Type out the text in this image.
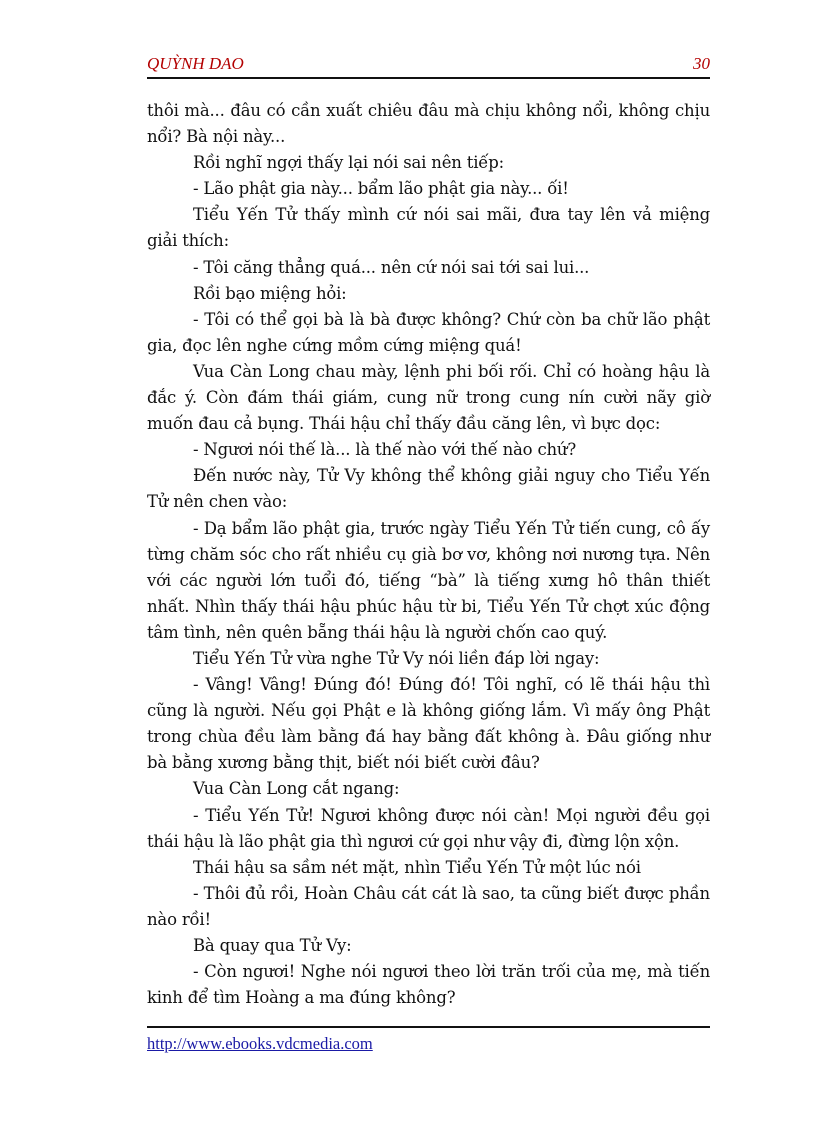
QUỲNH DAO	30

thôi mà... đâu có cần xuất chiêu đâu mà chịu không nổi, không chịu nổi? Bà nội này...

Rồi nghĩ ngợi thấy lại nói sai nên tiếp:

- Lão phật gia này... bẩm lão phật gia này... ối!

Tiểu Yến Tử thấy mình cứ nói sai mãi, đưa tay lên vả miệng giải thích:

- Tôi căng thẳng quá... nên cứ nói sai tới sai lui...

Rồi bạo miệng hỏi:

- Tôi có thể gọi bà là bà được không? Chứ còn ba chữ lão phật gia, đọc lên nghe cứng mồm cứng miệng quá!

Vua Càn Long chau mày, lệnh phi bối rối. Chỉ có hoàng hậu là đắc ý. Còn đám thái giám, cung nữ trong cung nín cười nãy giờ muốn đau cả bụng. Thái hậu chỉ thấy đầu căng lên, vì bực dọc:

- Ngươi nói thế là... là thế nào với thế nào chứ?

Đến nước này, Tử Vy không thể không giải nguy cho Tiểu Yến Tử nên chen vào:

- Dạ bẩm lão phật gia, trước ngày Tiểu Yến Tử tiến cung, cô ấy từng chăm sóc cho rất nhiều cụ già bơ vơ, không nơi nương tựa. Nên với các người lớn tuổi đó, tiếng “bà” là tiếng xưng hô thân thiết nhất. Nhìn thấy thái hậu phúc hậu từ bi, Tiểu Yến Tử chợt xúc động tâm tình, nên quên bẵng thái hậu là người chốn cao quý.

Tiểu Yến Tử vừa nghe Tử Vy nói liền đáp lời ngay:

- Vâng! Vâng! Đúng đó! Đúng đó! Tôi nghĩ, có lẽ thái hậu thì cũng là người. Nếu gọi Phật e là không giống lắm. Vì mấy ông Phật trong chùa đều làm bằng đá hay bằng đất không à. Đâu giống như bà bằng xương bằng thịt, biết nói biết cười đâu?

Vua Càn Long cắt ngang:

- Tiểu Yến Tử! Ngươi không được nói càn! Mọi người đều gọi thái hậu là lão phật gia thì ngươi cứ gọi như vậy đi, đừng lộn xộn.

Thái hậu sa sầm nét mặt, nhìn Tiểu Yến Tử một lúc nói

- Thôi đủ rồi, Hoàn Châu cát cát là sao, ta cũng biết được phần nào rồi!

Bà quay qua Tử Vy:

- Còn ngươi! Nghe nói ngươi theo lời trăn trối của mẹ, mà tiến kinh để tìm Hoàng a ma đúng không?

http://www.ebooks.vdcmedia.com
